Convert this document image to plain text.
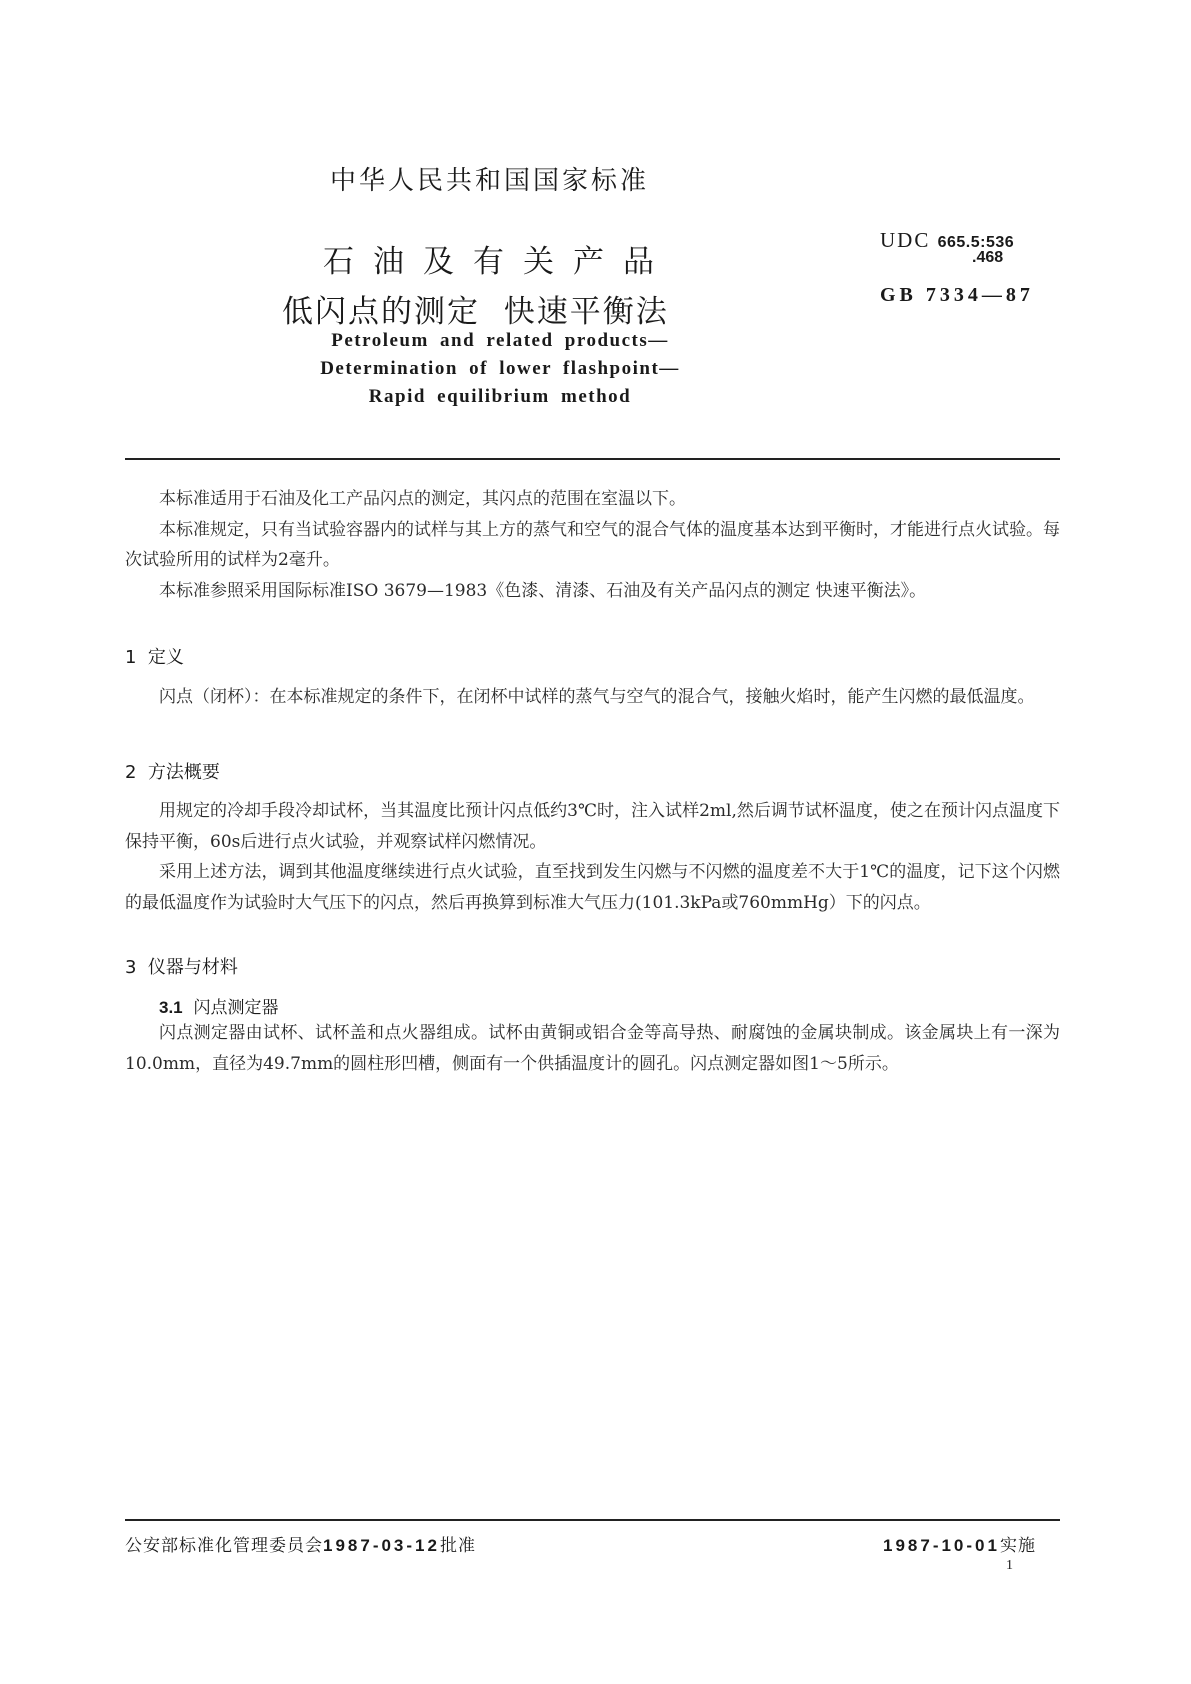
中华人民共和国国家标准
石油及有关产品
低闪点的测定  快速平衡法
UDC 665.5:536
.468
GB 7334—87
Petroleum and related products—
Determination of lower flashpoint—
Rapid equilibrium method

本标准适用于石油及化工产品闪点的测定，其闪点的范围在室温以下。

本标准规定，只有当试验容器内的试样与其上方的蒸气和空气的混合气体的温度基本达到平衡时，才能进行点火试验。每次试验所用的试样为2毫升。

本标准参照采用国际标准ISO 3679—1983《色漆、清漆、石油及有关产品闪点的测定 快速平衡法》。

1  定义

闪点（闭杯）：在本标准规定的条件下，在闭杯中试样的蒸气与空气的混合气，接触火焰时，能产生闪燃的最低温度。

2  方法概要

用规定的冷却手段冷却试杯，当其温度比预计闪点低约3℃时，注入试样2ml,然后调节试杯温度，使之在预计闪点温度下保持平衡，60s后进行点火试验，并观察试样闪燃情况。

采用上述方法，调到其他温度继续进行点火试验，直至找到发生闪燃与不闪燃的温度差不大于1℃的温度，记下这个闪燃的最低温度作为试验时大气压下的闪点，然后再换算到标准大气压力(101.3kPa或760mmHg）下的闪点。

3  仪器与材料
3.1 闪点测定器

闪点测定器由试杯、试杯盖和点火器组成。试杯由黄铜或铝合金等高导热、耐腐蚀的金属块制成。该金属块上有一深为10.0mm，直径为49.7mm的圆柱形凹槽，侧面有一个供插温度计的圆孔。闪点测定器如图1～5所示。

公安部标准化管理委员会1987-03-12批准	1987-10-01实施
1
